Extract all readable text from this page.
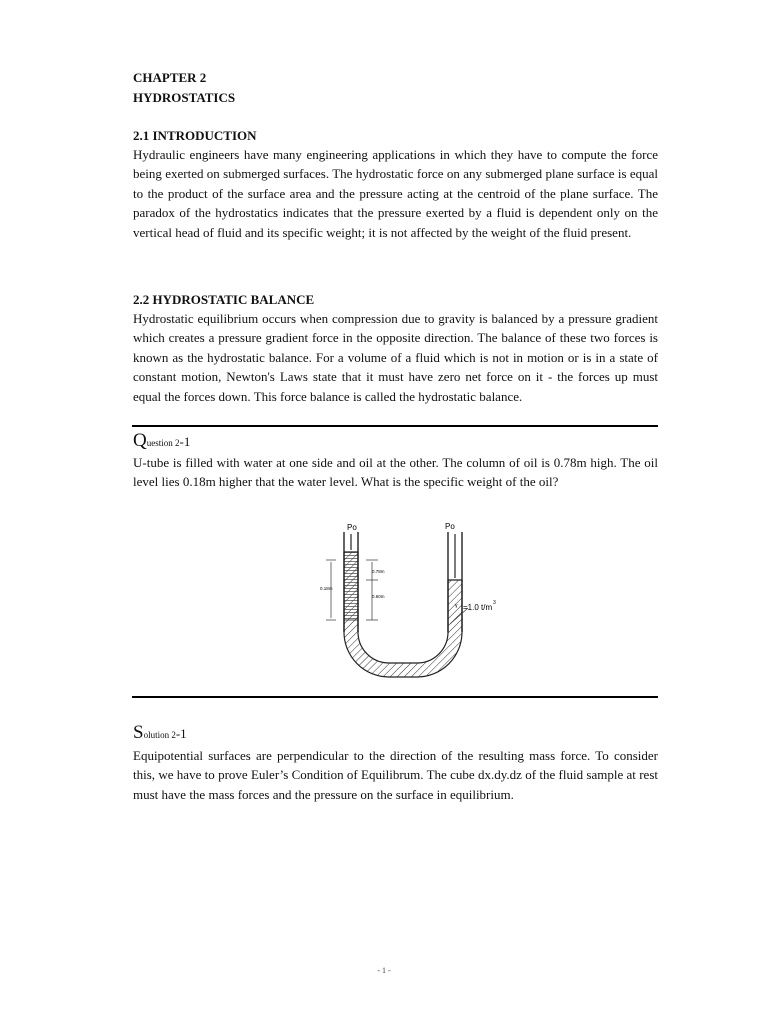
CHAPTER 2
HYDROSTATICS
2.1 INTRODUCTION
Hydraulic engineers have many engineering applications in which they have to compute the force being exerted on submerged surfaces. The hydrostatic force on any submerged plane surface is equal to the product of the surface area and the pressure acting at the centroid of the plane surface. The paradox of the hydrostatics indicates that the pressure exerted by a fluid is dependent only on the vertical head of fluid and its specific weight; it is not affected by the weight of the fluid present.
2.2 HYDROSTATIC BALANCE
Hydrostatic equilibrium occurs when compression due to gravity is balanced by a pressure gradient which creates a pressure gradient force in the opposite direction. The balance of these two forces is known as the hydrostatic balance. For a volume of a fluid which is not in motion or is in a state of constant motion, Newton's Laws state that it must have zero net force on it - the forces up must equal the forces down. This force balance is called the hydrostatic balance.
Question 2-1
U-tube is filled with water at one side and oil at the other. The column of oil is 0.78m high. The oil level lies 0.18m higher that the water level. What is the specific weight of the oil?
Po	Po
0.18m
0.78m
0.60m
γ =1.0 t/m 3
Solution 2-1
Equipotential surfaces are perpendicular to the direction of the resulting mass force. To consider this, we have to prove Euler’s Condition of Equilibrum. The cube dx.dy.dz of the fluid sample at rest must have the mass forces and the pressure on the surface in equilibrium.
- 1 -
